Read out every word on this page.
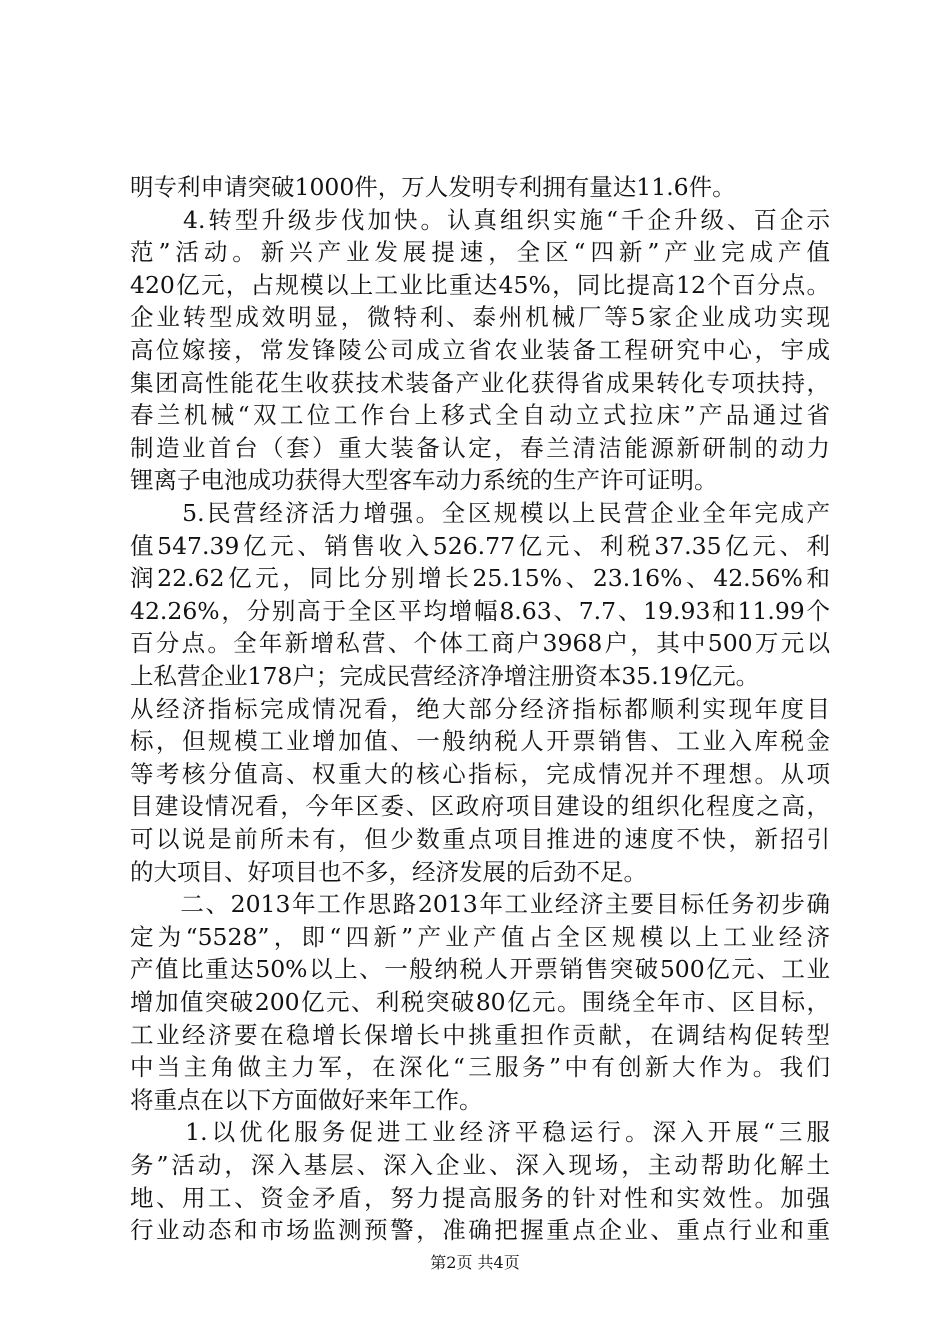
明专利申请突破1000件，万人发明专利拥有量达11.6件。
　　4.转型升级步伐加快。认真组织实施“千企升级、百企示
范”活动。新兴产业发展提速，全区“四新”产业完成产值
420亿元，占规模以上工业比重达45%，同比提高12个百分点。
企业转型成效明显，微特利、泰州机械厂等5家企业成功实现
高位嫁接，常发锋陵公司成立省农业装备工程研究中心，宇成
集团高性能花生收获技术装备产业化获得省成果转化专项扶持，
春兰机械“双工位工作台上移式全自动立式拉床”产品通过省
制造业首台（套）重大装备认定，春兰清洁能源新研制的动力
锂离子电池成功获得大型客车动力系统的生产许可证明。
　　5.民营经济活力增强。全区规模以上民营企业全年完成产
值547.39亿元、销售收入526.77亿元、利税37.35亿元、利
润22.62亿元，同比分别增长25.15%、23.16%、42.56%和
42.26%，分别高于全区平均增幅8.63、7.7、19.93和11.99个
百分点。全年新增私营、个体工商户3968户，其中500万元以
上私营企业178户；完成民营经济净增注册资本35.19亿元。
从经济指标完成情况看，绝大部分经济指标都顺利实现年度目
标，但规模工业增加值、一般纳税人开票销售、工业入库税金
等考核分值高、权重大的核心指标，完成情况并不理想。从项
目建设情况看，今年区委、区政府项目建设的组织化程度之高，
可以说是前所未有，但少数重点项目推进的速度不快，新招引
的大项目、好项目也不多，经济发展的后劲不足。
　　二、2013年工作思路2013年工业经济主要目标任务初步确
定为“5528”，即“四新”产业产值占全区规模以上工业经济
产值比重达50%以上、一般纳税人开票销售突破500亿元、工业
增加值突破200亿元、利税突破80亿元。围绕全年市、区目标，
工业经济要在稳增长保增长中挑重担作贡献，在调结构促转型
中当主角做主力军，在深化“三服务”中有创新大作为。我们
将重点在以下方面做好来年工作。
　　1.以优化服务促进工业经济平稳运行。深入开展“三服
务”活动，深入基层、深入企业、深入现场，主动帮助化解土
地、用工、资金矛盾，努力提高服务的针对性和实效性。加强
行业动态和市场监测预警，准确把握重点企业、重点行业和重
第2页 共4页
